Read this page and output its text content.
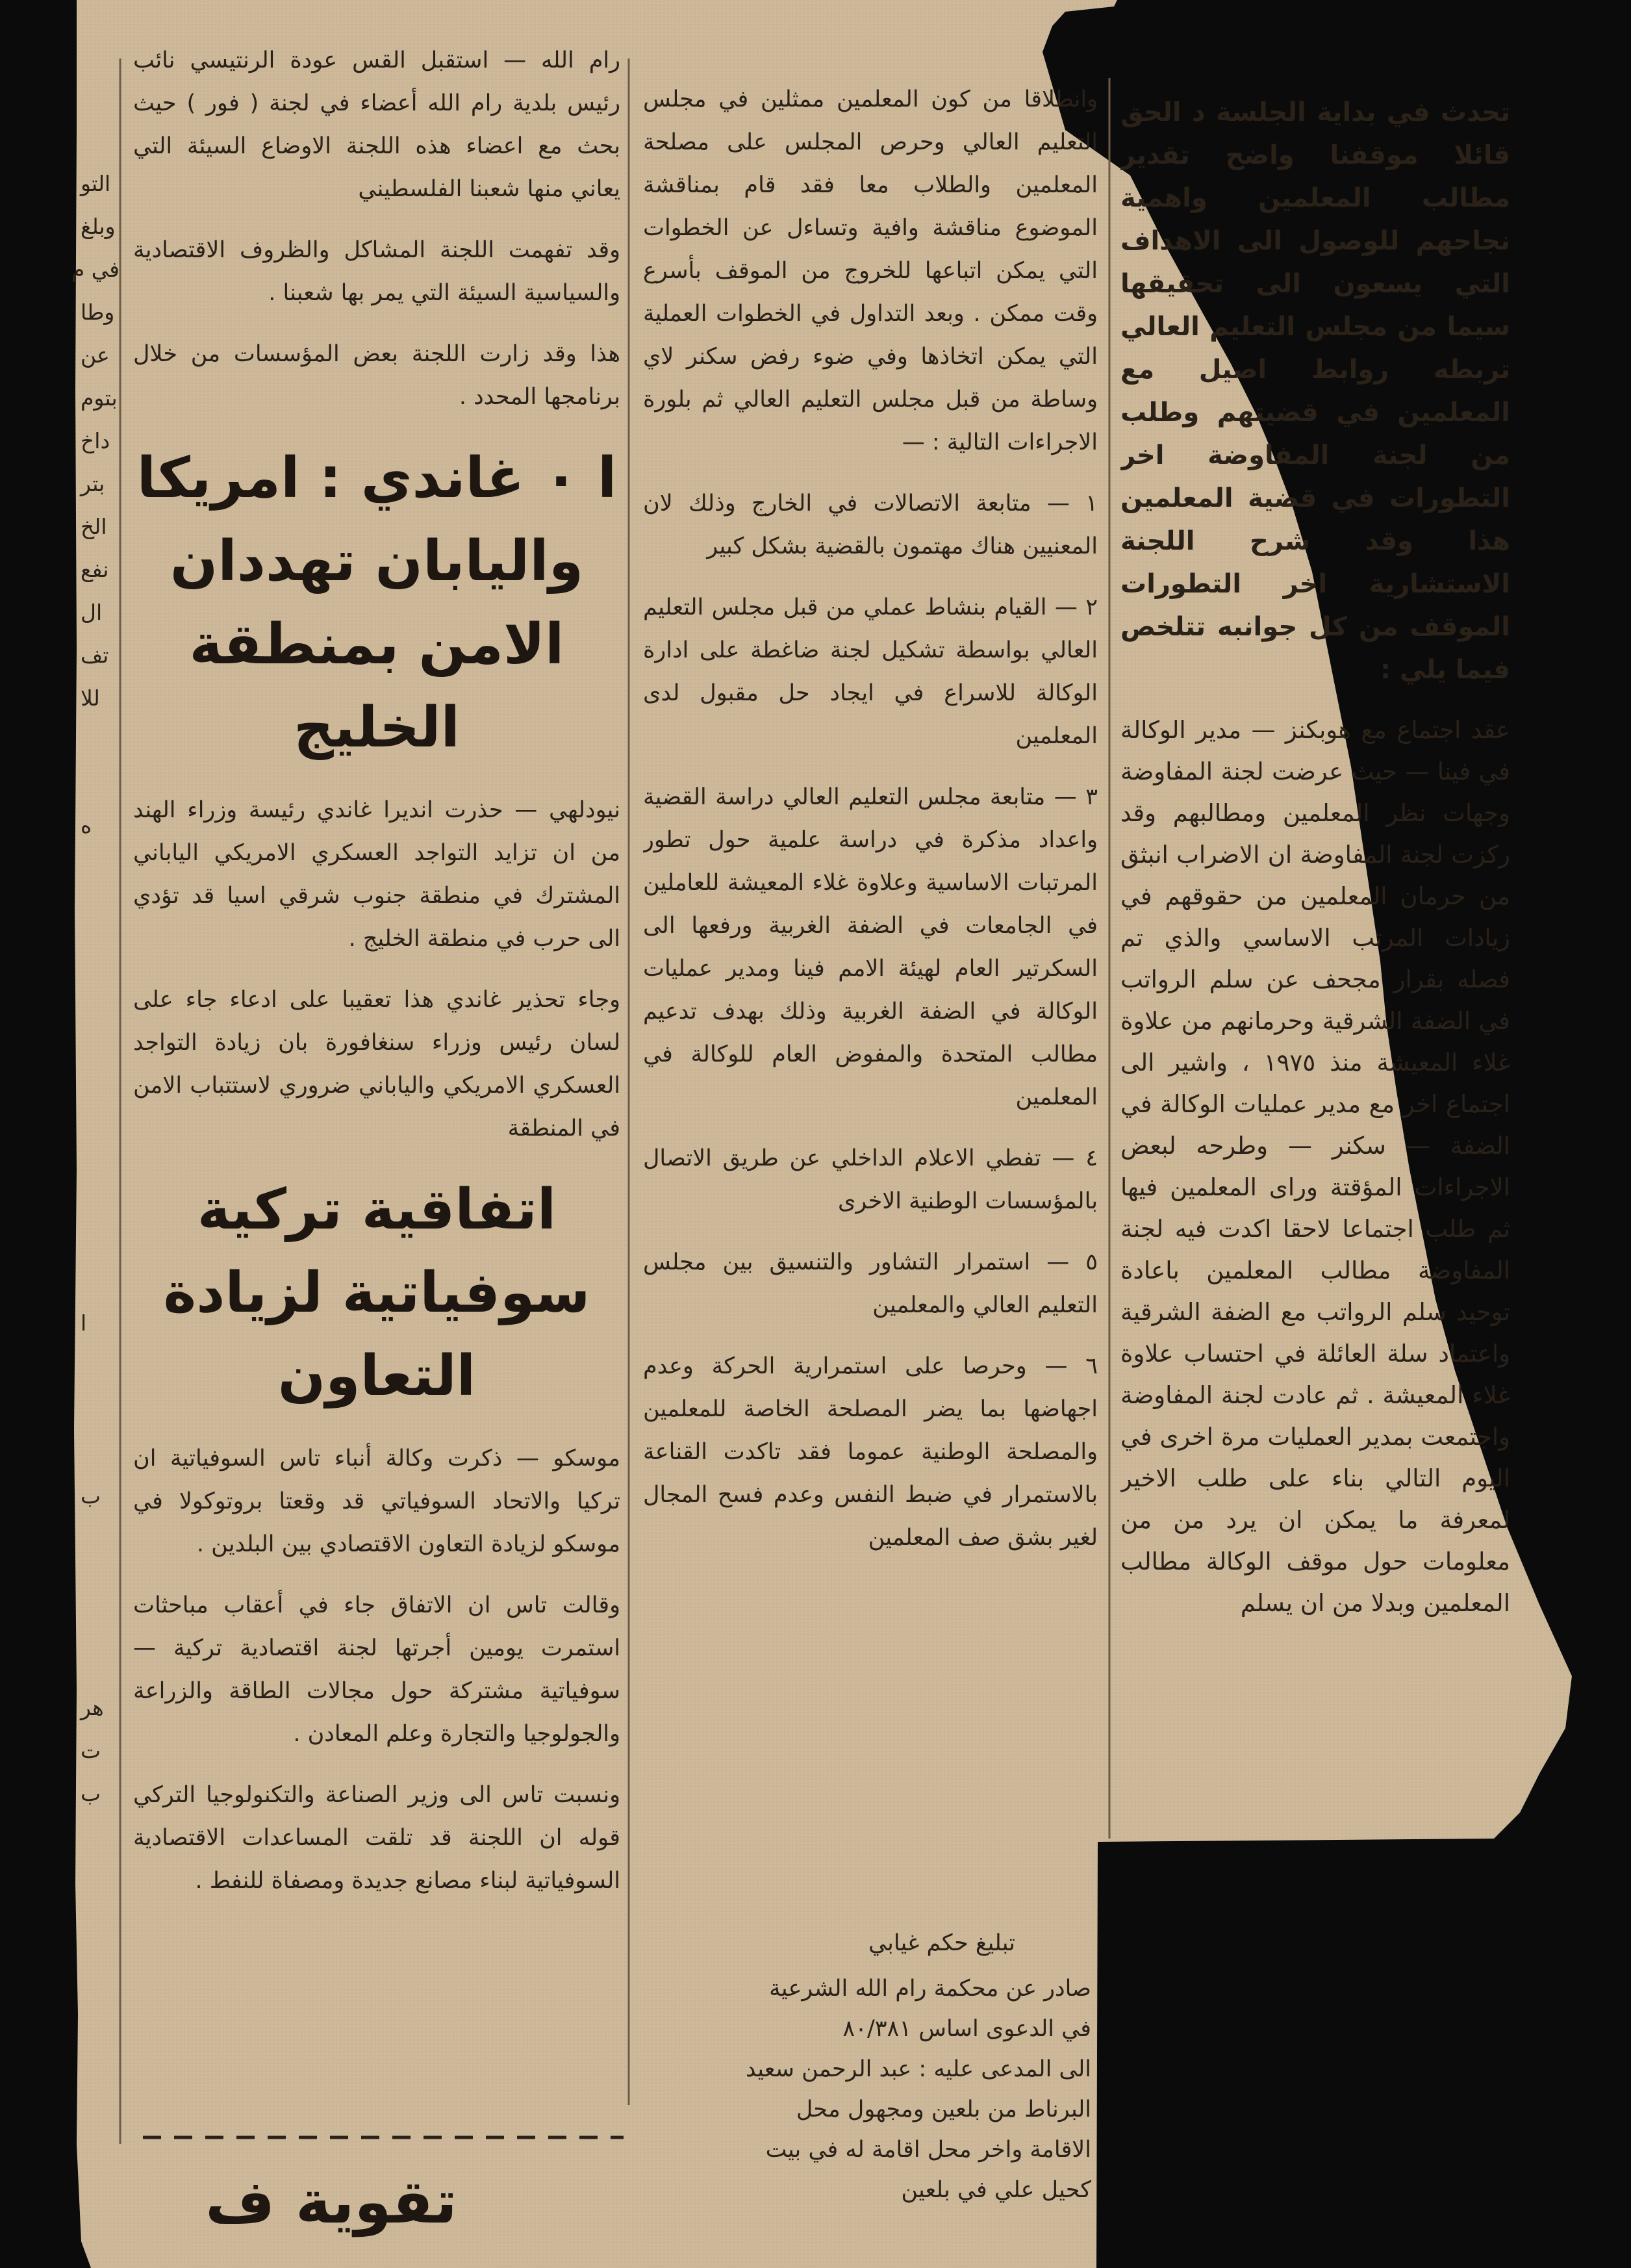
التو
وبلغ
في م
وطا
عن
بتوم
داخ
بتر
الخ
نفع
ال
تف
للا
ه
ا
ب
هر
ت
ب

رام الله — استقبل القس عودة الرنتيسي نائب رئيس بلدية رام الله أعضاء في لجنة ( فور ) حيث بحث مع اعضاء هذه اللجنة الاوضاع السيئة التي يعاني منها شعبنا الفلسطيني

وقد تفهمت اللجنة المشاكل والظروف الاقتصادية والسياسية السيئة التي يمر بها شعبنا .

هذا وقد زارت اللجنة بعض المؤسسات من خلال برنامجها المحدد .

ا ٠ غاندي : امريكا واليابان تهددان الامن بمنطقة الخليج

نيودلهي — حذرت انديرا غاندي رئيسة وزراء الهند من ان تزايد التواجد العسكري الامريكي الياباني المشترك في منطقة جنوب شرقي اسيا قد تؤدي الى حرب في منطقة الخليج .

وجاء تحذير غاندي هذا تعقيبا على ادعاء جاء على لسان رئيس وزراء سنغافورة بان زيادة التواجد العسكري الامريكي والياباني ضروري لاستتباب الامن في المنطقة

اتفاقية تركية سوفياتية لزيادة التعاون

موسكو — ذكرت وكالة أنباء تاس السوفياتية ان تركيا والاتحاد السوفياتي قد وقعتا بروتوكولا في موسكو لزيادة التعاون الاقتصادي بين البلدين .

وقالت تاس ان الاتفاق جاء في أعقاب مباحثات استمرت يومين أجرتها لجنة اقتصادية تركية — سوفياتية مشتركة حول مجالات الطاقة والزراعة والجولوجيا والتجارة وعلم المعادن .

ونسبت تاس الى وزير الصناعة والتكنولوجيا التركي قوله ان اللجنة قد تلقت المساعدات الاقتصادية السوفياتية لبناء مصانع جديدة ومصفاة للنفط .

تقوية ف

وانطلاقا من كون المعلمين ممثلين في مجلس التعليم العالي وحرص المجلس على مصلحة المعلمين والطلاب معا فقد قام بمناقشة الموضوع مناقشة وافية وتساءل عن الخطوات التي يمكن اتباعها للخروج من الموقف بأسرع وقت ممكن . وبعد التداول في الخطوات العملية التي يمكن اتخاذها وفي ضوء رفض سكنر لاي وساطة من قبل مجلس التعليم العالي ثم بلورة الاجراءات التالية : —

١ — متابعة الاتصالات في الخارج وذلك لان المعنيين هناك مهتمون بالقضية بشكل كبير

٢ — القيام بنشاط عملي من قبل مجلس التعليم العالي بواسطة تشكيل لجنة ضاغطة على ادارة الوكالة للاسراع في ايجاد حل مقبول لدى المعلمين

٣ — متابعة مجلس التعليم العالي دراسة القضية واعداد مذكرة في دراسة علمية حول تطور المرتبات الاساسية وعلاوة غلاء المعيشة للعاملين في الجامعات في الضفة الغربية ورفعها الى السكرتير العام لهيئة الامم فينا ومدير عمليات الوكالة في الضفة الغربية وذلك بهدف تدعيم مطالب المتحدة والمفوض العام للوكالة في المعلمين

٤ — تفطي الاعلام الداخلي عن طريق الاتصال بالمؤسسات الوطنية الاخرى

٥ — استمرار التشاور والتنسيق بين مجلس التعليم العالي والمعلمين

٦ — وحرصا على استمرارية الحركة وعدم اجهاضها بما يضر المصلحة الخاصة للمعلمين والمصلحة الوطنية عموما فقد تاكدت القناعة بالاستمرار في ضبط النفس وعدم فسح المجال لغير بشق صف المعلمين

تبليغ حكم غيابي
صادر عن محكمة رام الله الشرعية
في الدعوى اساس ٨٠/٣٨١
الى المدعى عليه : عبد الرحمن سعيد
البرناط من بلعين ومجهول محل
الاقامة واخر محل اقامة له في بيت
كحيل علي في بلعين

تحدث في بداية الجلسة د الحق قائلا موقفنا واضح تقدير مطالب المعلمين واهمية نجاحهم للوصول الى الاهداف التي يسعون الى تحقيقها سيما من مجلس التعليم العالي تربطه روابط اصيل مع المعلمين في قضيتهم وطلب من لجنة المفاوضة اخر التطورات في قضية المعلمين هذا وقد شرح اللجنة الاستشارية اخر التطورات الموقف من كل جوانبه تتلخص فيما يلي :

عقد اجتماع مع هوبكنز — مدير الوكالة في فينا — حيث عرضت لجنة المفاوضة وجهات نظر المعلمين ومطالبهم وقد ركزت لجنة المفاوضة ان الاضراب انبثق من حرمان المعلمين من حقوقهم في زيادات المرتب الاساسي والذي تم فصله بقرار مجحف عن سلم الرواتب في الضفة الشرقية وحرمانهم من علاوة غلاء المعيشة منذ ١٩٧٥ ، واشير الى اجتماع اخر مع مدير عمليات الوكالة في الضفة — سكنر — وطرحه لبعض الاجراءات المؤقتة وراى المعلمين فيها ثم طلب اجتماعا لاحقا اكدت فيه لجنة المفاوضة مطالب المعلمين باعادة توحيد سلم الرواتب مع الضفة الشرقية واعتماد سلة العائلة في احتساب علاوة غلاء المعيشة . ثم عادت لجنة المفاوضة واجتمعت بمدير العمليات مرة اخرى في اليوم التالي بناء على طلب الاخير لمعرفة ما يمكن ان يرد من من معلومات حول موقف الوكالة مطالب المعلمين وبدلا من ان يسلم
